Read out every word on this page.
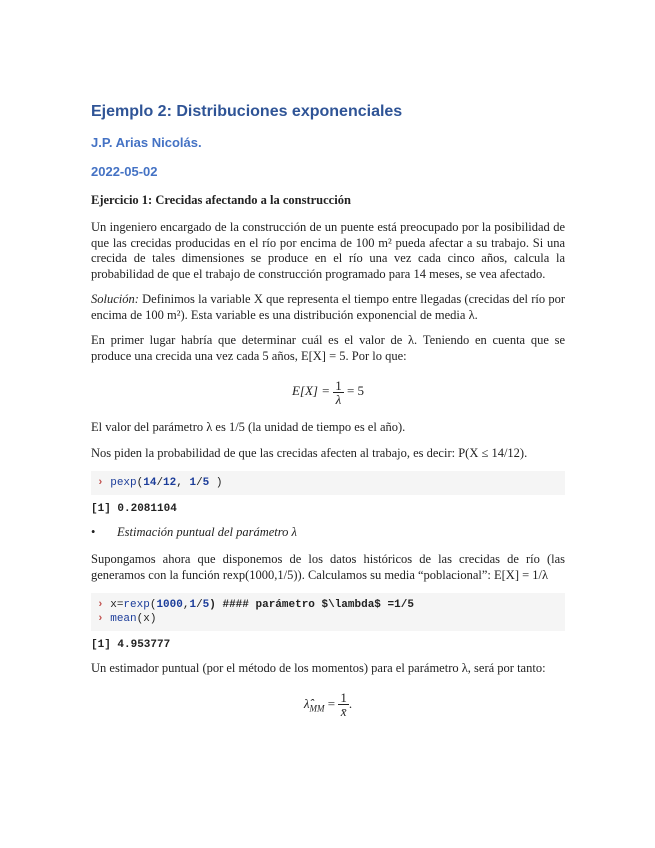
Ejemplo 2: Distribuciones exponenciales
J.P. Arias Nicolás.
2022-05-02
Ejercicio 1: Crecidas afectando a la construcción

Un ingeniero encargado de la construcción de un puente está preocupado por la posibilidad de que las crecidas producidas en el río por encima de 100 m² pueda afectar a su trabajo. Si una crecida de tales dimensiones se produce en el río una vez cada cinco años, calcula la probabilidad de que el trabajo de construcción programado para 14 meses, se vea afectado.

Solución: Definimos la variable X que representa el tiempo entre llegadas (crecidas del río por encima de 100 m²). Esta variable es una distribución exponencial de media λ.

En primer lugar habría que determinar cuál es el valor de λ. Teniendo en cuenta que se produce una crecida una vez cada 5 años, E[X] = 5. Por lo que:

$E[X] = \frac{1}{\lambda} = 5$

El valor del parámetro λ es 1/5 (la unidad de tiempo es el año).

Nos piden la probabilidad de que las crecidas afecten al trabajo, es decir: P(X ≤ 14/12).

› pexp(14/12, 1/5 )
[1] 0.2081104
• Estimación puntual del parámetro λ

Supongamos ahora que disponemos de los datos históricos de las crecidas de río (las generamos con la función rexp(1000,1/5)). Calculamos su media “poblacional”: E[X] = 1/λ

› x=rexp(1000,1/5) #### parámetro $\lambda$ =1/5
› mean(x)
[1] 4.953777

Un estimador puntual (por el método de los momentos) para el parámetro λ, será por tanto:

$\lambdâ_{MM} = \frac{1}{x̄}$ .
